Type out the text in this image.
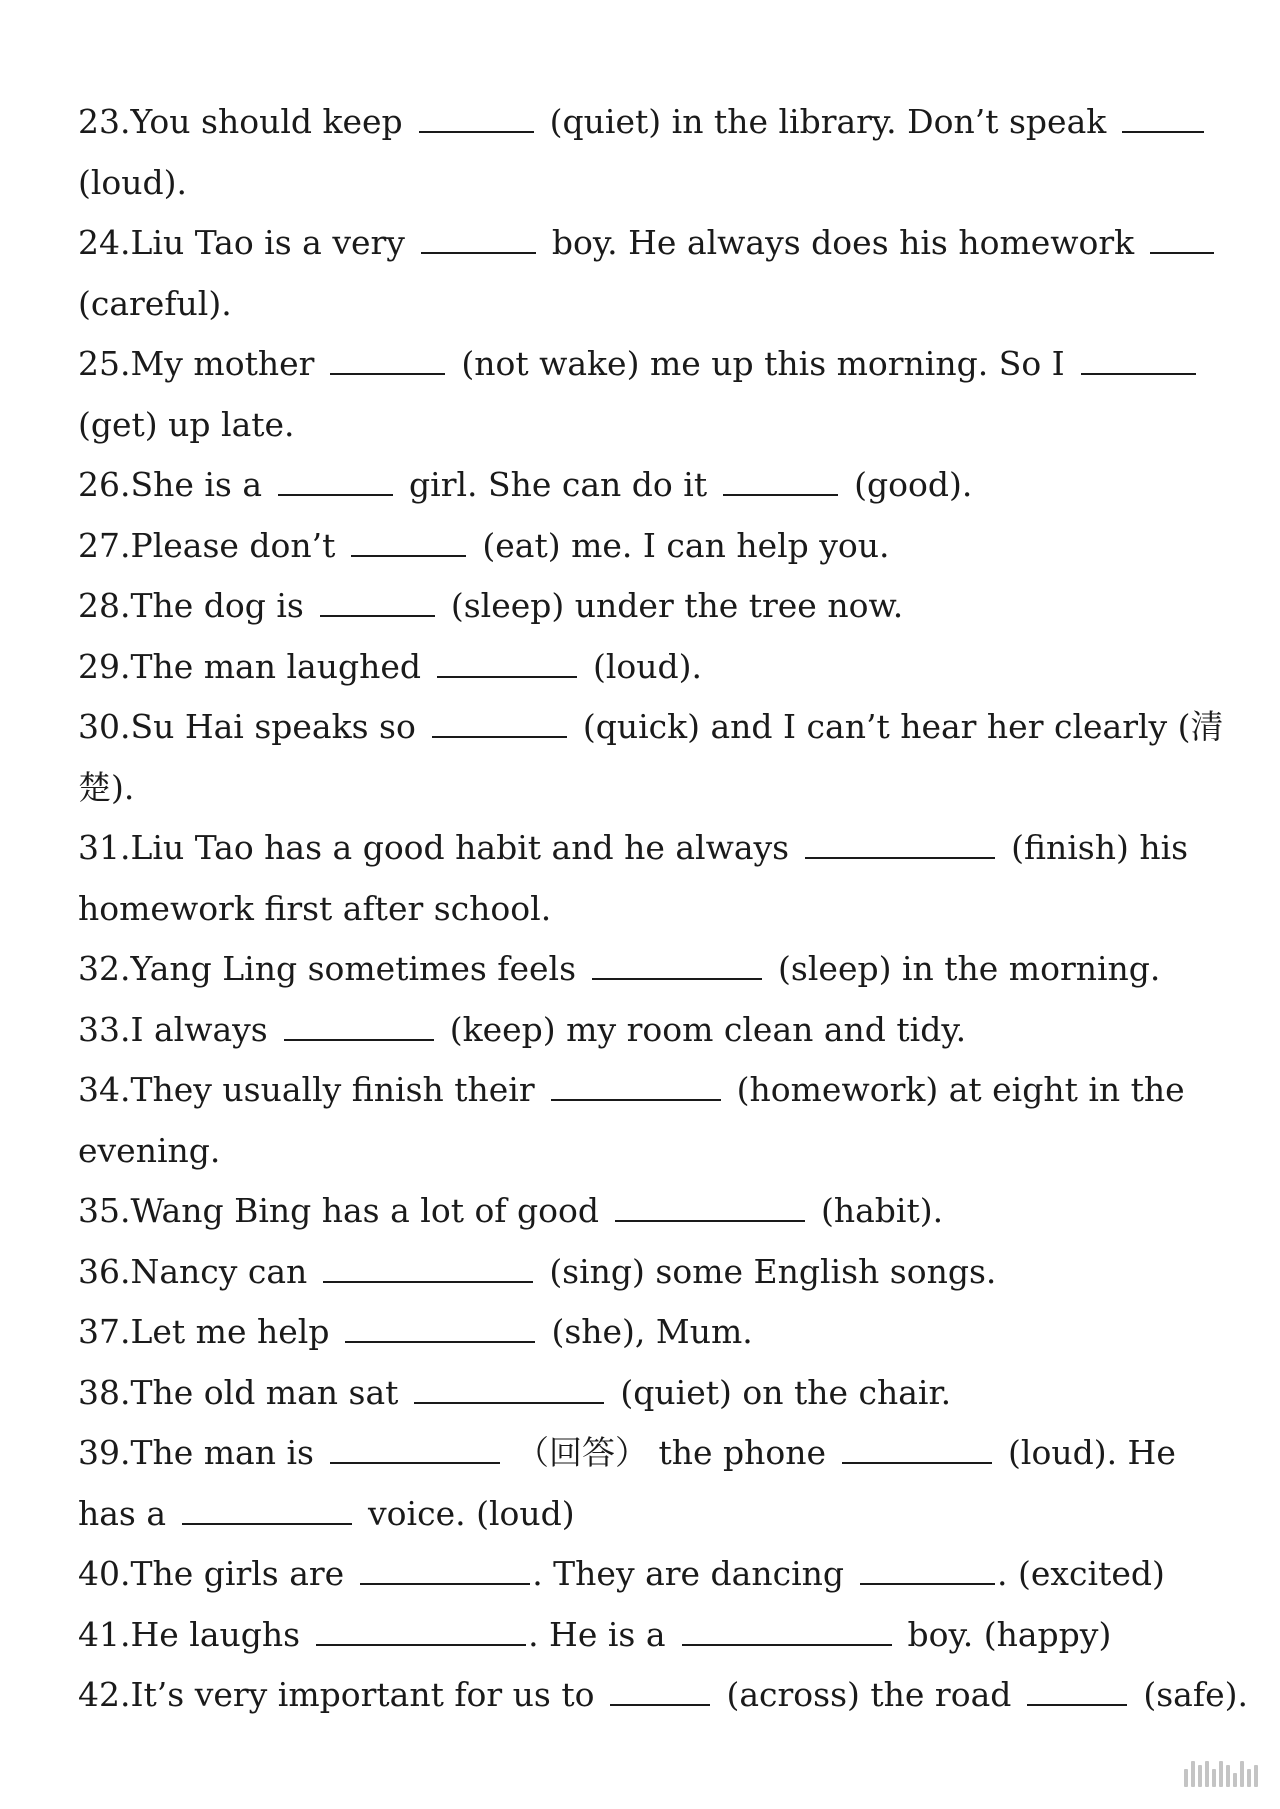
23.You should keep	(quiet) in the library. Don’t speak
(loud).
24.Liu Tao is a very	boy. He always does his homework
(careful).
25.My mother	(not wake) me up this morning. So I
(get) up late.
26.She is a	girl. She can do it	(good).
27.Please don’t	(eat) me. I can help you.
28.The dog is	(sleep) under the tree now.
29.The man laughed	(loud).
30.Su Hai speaks so	(quick) and I can’t hear her clearly (清
楚).
31.Liu Tao has a good habit and he always	(finish) his
homework first after school.
32.Yang Ling sometimes feels	(sleep) in the morning.
33.I always	(keep) my room clean and tidy.
34.They usually finish their	(homework) at eight in the
evening.
35.Wang Bing has a lot of good	(habit).
36.Nancy can	(sing) some English songs.
37.Let me help	(she), Mum.
38.The old man sat	(quiet) on the chair.
39.The man is	（回答） the phone	(loud). He
has a	voice. (loud)
40.The girls are	. They are dancing	. (excited)
41.He laughs	. He is a	boy. (happy)
42.It’s very important for us to	(across) the road	(safe).
